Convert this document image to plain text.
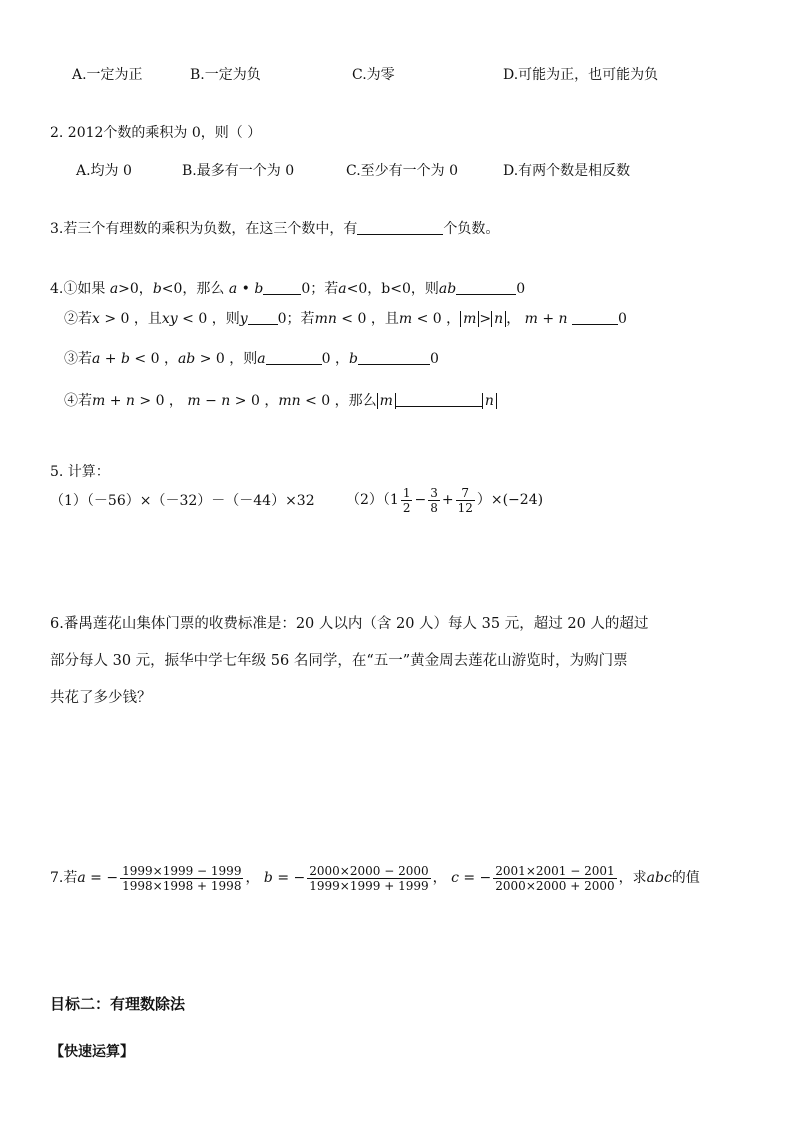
A.一定为正	B.一定为负	C.为零	D.可能为正，也可能为负
2. 2012个数的乘积为 0，则（ ）
A.均为 0	B.最多有一个为 0	C.至少有一个为 0	D.有两个数是相反数
3.若三个有理数的乘积为负数，在这三个数中，有	个负数。
4.①如果 a>0，b<0，那么 a • b	0；若a<0，b<0，则ab	0
②若x > 0 ，且xy < 0 ，则y 0；若mn < 0 ，且m < 0 ， m > n ， m + n	0
③若a + b < 0 ，ab > 0 ，则a	0 ，b	0
④若m + n > 0 ， m − n > 0 ，mn < 0 ，那么 m	n
5. 计算：
（1）（－56）×（－32）－（－44）×32 $(2)(1 \frac{1}{2} - \frac{3}{8} + \frac{7}{12} )\times(-24)$
6.番禺莲花山集体门票的收费标准是：20 人以内（含 20 人）每人 35 元，超过 20 人的超过
部分每人 30 元，振华中学七年级 56 名同学，在“五一”黄金周去莲花山游览时，为购门票
共花了多少钱？
7.若a = − $\frac{1999\times 1999 - 1999}{1998\times 1998 + 1998}$ ， b = − $\frac{2000\times 2000 - 2000}{1999\times 1999 + 1999}$ ， c = − $\frac{2001\times 2001 - 2001}{2000\times 2000 + 2000}$ ，求abc的值
目标二：有理数除法
【快速运算】
